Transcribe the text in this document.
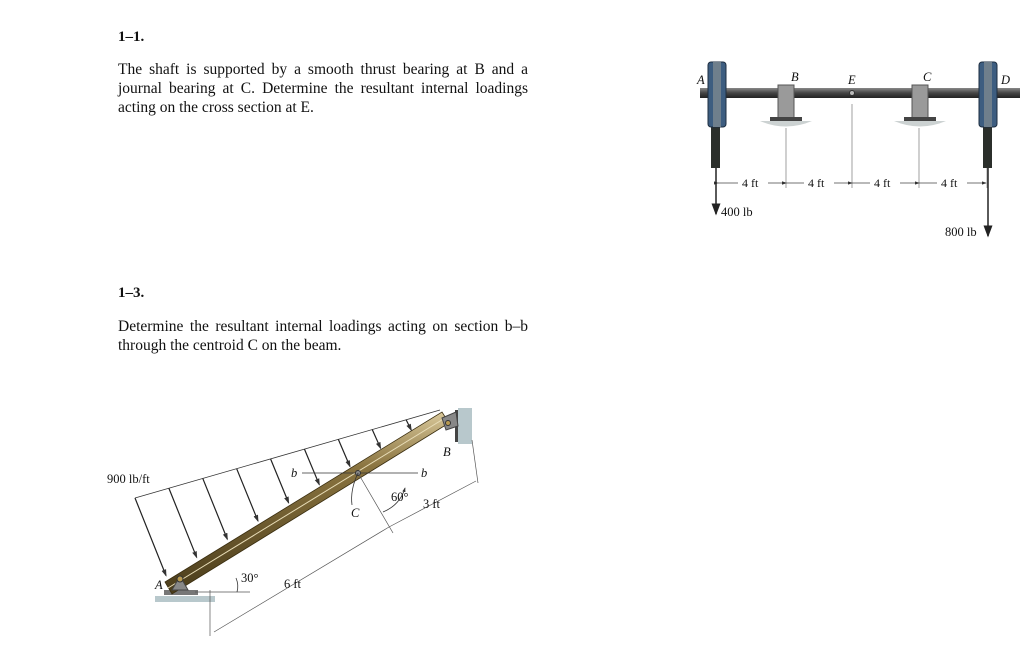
1–1.
The shaft is supported by a smooth thrust bearing at B and a journal bearing at C. Determine the resultant internal loadings acting on the cross section at E.
1–3.
Determine the resultant internal loadings acting on section b–b through the centroid C on the beam.
4 ft	4 ft	4 ft	4 ft
400 lb
800 lb
A	B	E	C	D
900 lb/ft
30°
60° 3 ft
6 ft
A
B
C
b	b
